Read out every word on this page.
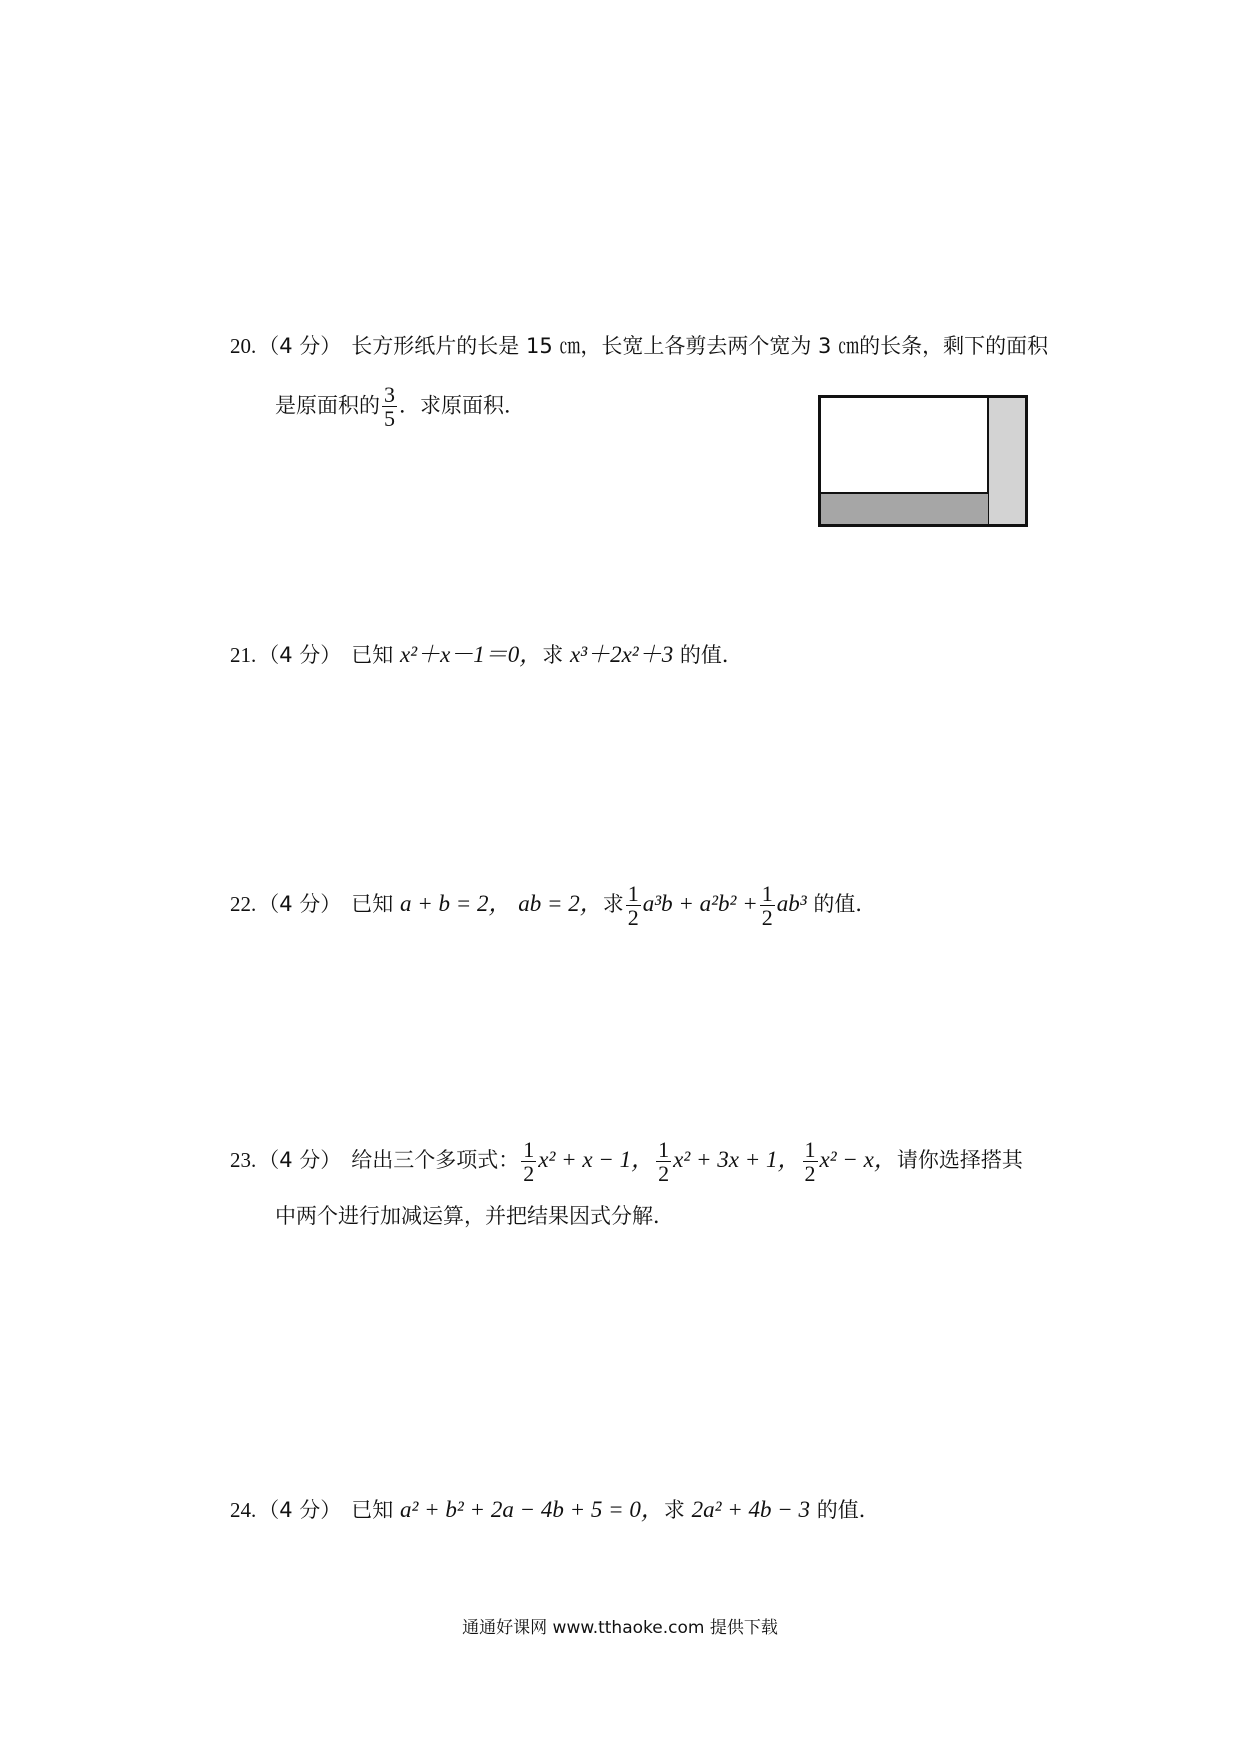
20.（4 分） 长方形纸片的长是 15 ㎝，长宽上各剪去两个宽为 3 ㎝的长条，剩下的面积
是原面积的 $\frac{3}{5}$ ．求原面积．
21.（4 分） 已知 x²＋x－1＝0，求 x³＋2x²＋3 的值．
22.（4 分） 已知 a + b = 2， ab = 2，求 $\frac{1}{2} a^3b + a^2b^2 + \frac{1}{2} ab^3$ 的值．
23.（4 分） 给出三个多项式： $\frac{1}{2} x^2 + x - 1$， $\frac{1}{2} x^2 + 3x + 1$， $\frac{1}{2} x^2 - x$，请你选择搭其
中两个进行加减运算，并把结果因式分解．
24.（4 分） 已知 a² + b² + 2a − 4b + 5 = 0，求 2a² + 4b − 3 的值．
通通好课网 www.tthaoke.com 提供下载
